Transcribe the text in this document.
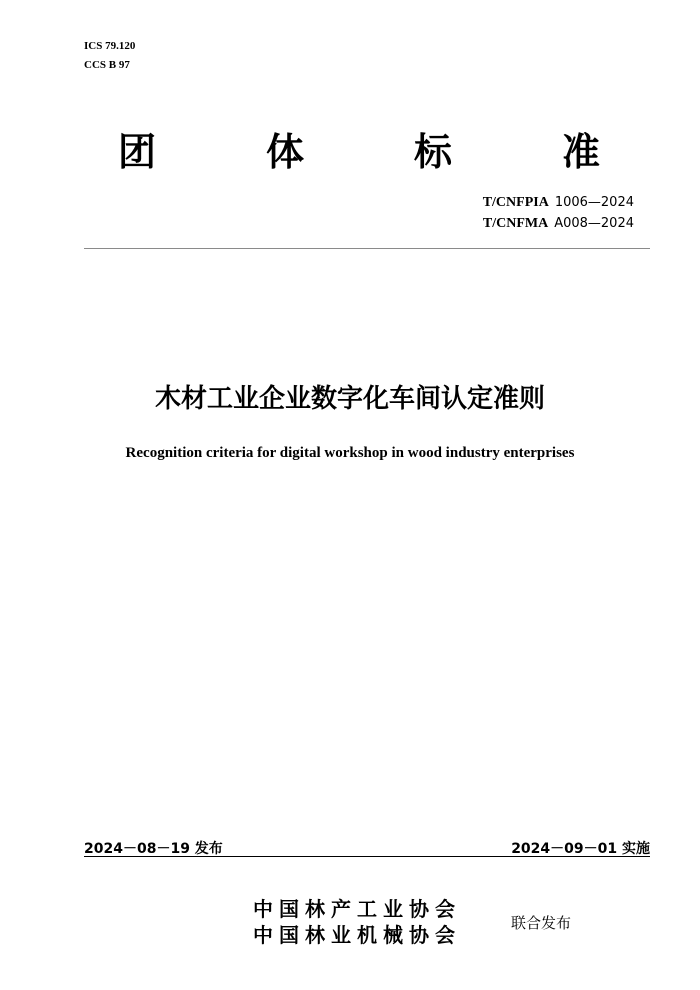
ICS 79.120
CCS B 97
团	体	标	准
T/CNFPIA 1006—2024
T/CNFMA A008—2024
木材工业企业数字化车间认定准则
Recognition criteria for digital workshop in wood industry enterprises
2024－08－19 发布	2024－09－01 实施
中国林产工业协会
中国林业机械协会	联合发布
